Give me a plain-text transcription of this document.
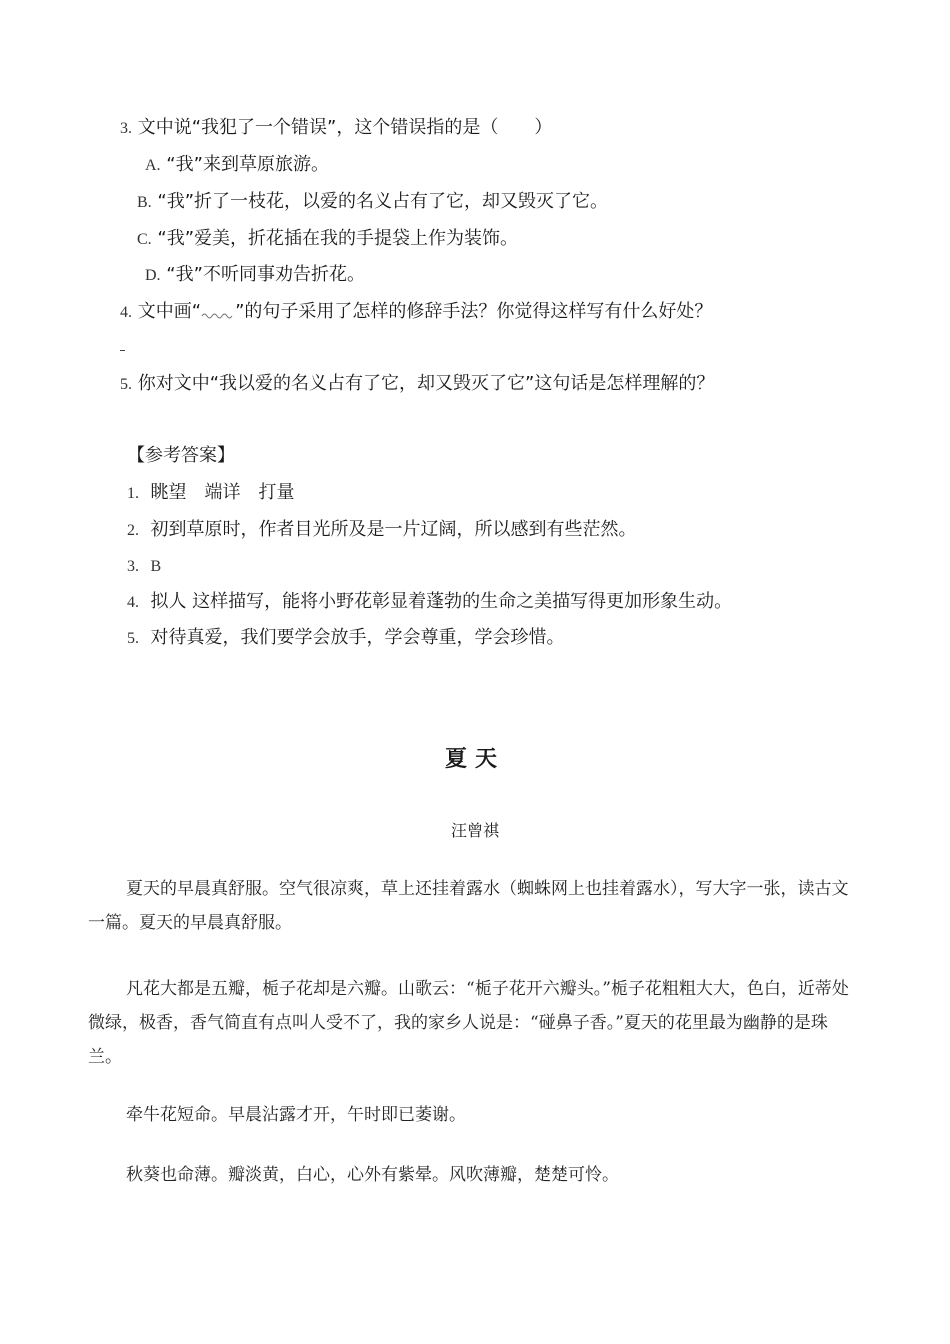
3. 文中说“我犯了一个错误”，这个错误指的是（　　）
A. “我”来到草原旅游。
B. “我”折了一枝花，以爱的名义占有了它，却又毁灭了它。
C. “我”爱美，折花插在我的手提袋上作为装饰。
D. “我”不听同事劝告折花。
4. 文中画“ ”的句子采用了怎样的修辞手法？你觉得这样写有什么好处？
5. 你对文中“我以爱的名义占有了它，却又毁灭了它”这句话是怎样理解的？
【参考答案】
1. 眺望　端详　打量
2. 初到草原时，作者目光所及是一片辽阔，所以感到有些茫然。
3. B
4. 拟人 这样描写，能将小野花彰显着蓬勃的生命之美描写得更加形象生动。
5. 对待真爱，我们要学会放手，学会尊重，学会珍惜。
夏天
汪曾祺
夏天的早晨真舒服。空气很凉爽，草上还挂着露水（蜘蛛网上也挂着露水），写大字一张，读古文一篇。夏天的早晨真舒服。
凡花大都是五瓣，栀子花却是六瓣。山歌云：“栀子花开六瓣头。”栀子花粗粗大大，色白，近蒂处微绿，极香，香气简直有点叫人受不了，我的家乡人说是：“碰鼻子香。”夏天的花里最为幽静的是珠兰。
牵牛花短命。早晨沾露才开，午时即已萎谢。
秋葵也命薄。瓣淡黄，白心，心外有紫晕。风吹薄瓣，楚楚可怜。
